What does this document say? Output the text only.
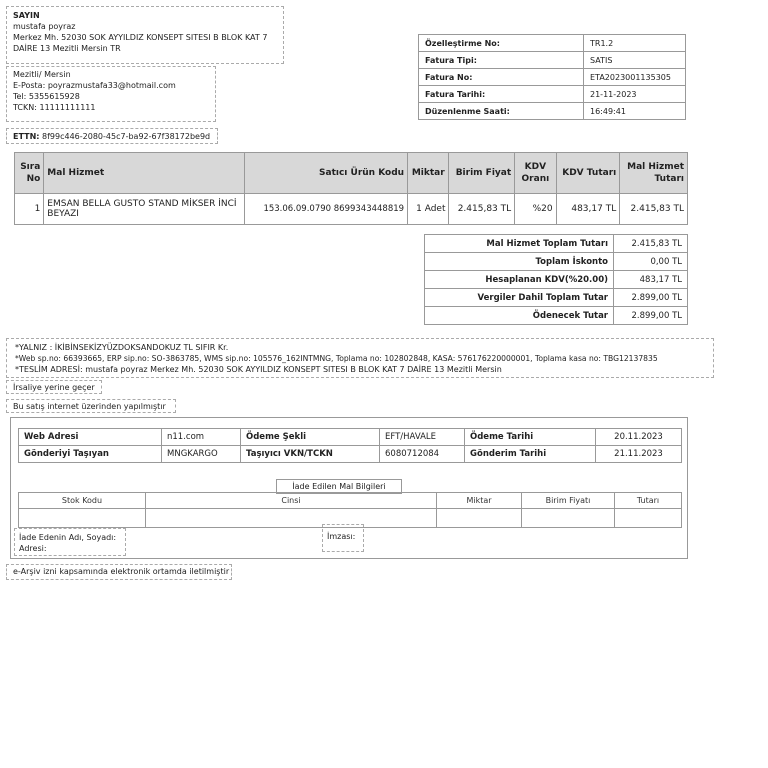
SAYIN
mustafa poyraz
Merkez Mh. 52030 SOK AYYILDIZ KONSEPT SITESI B BLOK KAT 7
DAİRE 13 Mezitli Mersin TR
Mezitli/ Mersin
E-Posta: poyrazmustafa33@hotmail.com
Tel: 5355615928
TCKN: 11111111111
ETTN: 8f99c446-2080-45c7-ba92-67f38172be9d
Özelleştirme No:	TR1.2
Fatura Tipi:	SATIS
Fatura No:	ETA2023001135305
Fatura Tarihi:	21-11-2023
Düzenlenme Saati:	16:49:41
Sıra No	Mal Hizmet	Satıcı Ürün Kodu	Miktar	Birim Fiyat	KDV Oranı	KDV Tutarı	Mal Hizmet Tutarı
1	EMSAN BELLA GUSTO STAND MİKSER İNCİ BEYAZI	153.06.09.0790 8699343448819	1 Adet	2.415,83 TL	%20	483,17 TL	2.415,83 TL
Mal Hizmet Toplam Tutarı	2.415,83 TL
Toplam İskonto	0,00 TL
Hesaplanan KDV(%20.00)	483,17 TL
Vergiler Dahil Toplam Tutar	2.899,00 TL
Ödenecek Tutar	2.899,00 TL
*YALNIZ : İKİBİNSEKİZYÜZDOKSANDOKUZ TL SIFIR Kr.
*Web sp.no: 66393665, ERP sip.no: SO-3863785, WMS sip.no: 105576_162INTMNG, Toplama no: 102802848, KASA: 576176220000001, Toplama kasa no: TBG12137835
*TESLİM ADRESİ: mustafa poyraz Merkez Mh. 52030 SOK AYYILDIZ KONSEPT SITESI B BLOK KAT 7 DAİRE 13 Mezitli Mersin
İrsaliye yerine geçer
Bu satış internet üzerinden yapılmıştır
Web Adresi	n11.com	Ödeme Şekli	EFT/HAVALE	Ödeme Tarihi	20.11.2023
Gönderiyi Taşıyan	MNGKARGO	Taşıyıcı VKN/TCKN	6080712084	Gönderim Tarihi	21.11.2023
İade Edilen Mal Bilgileri
Stok Kodu	Cinsi	Miktar	Birim Fiyatı	Tutarı

İade Edenin Adı, Soyadı: Adresi:
İmzası:
e-Arşiv izni kapsamında elektronik ortamda iletilmiştir
